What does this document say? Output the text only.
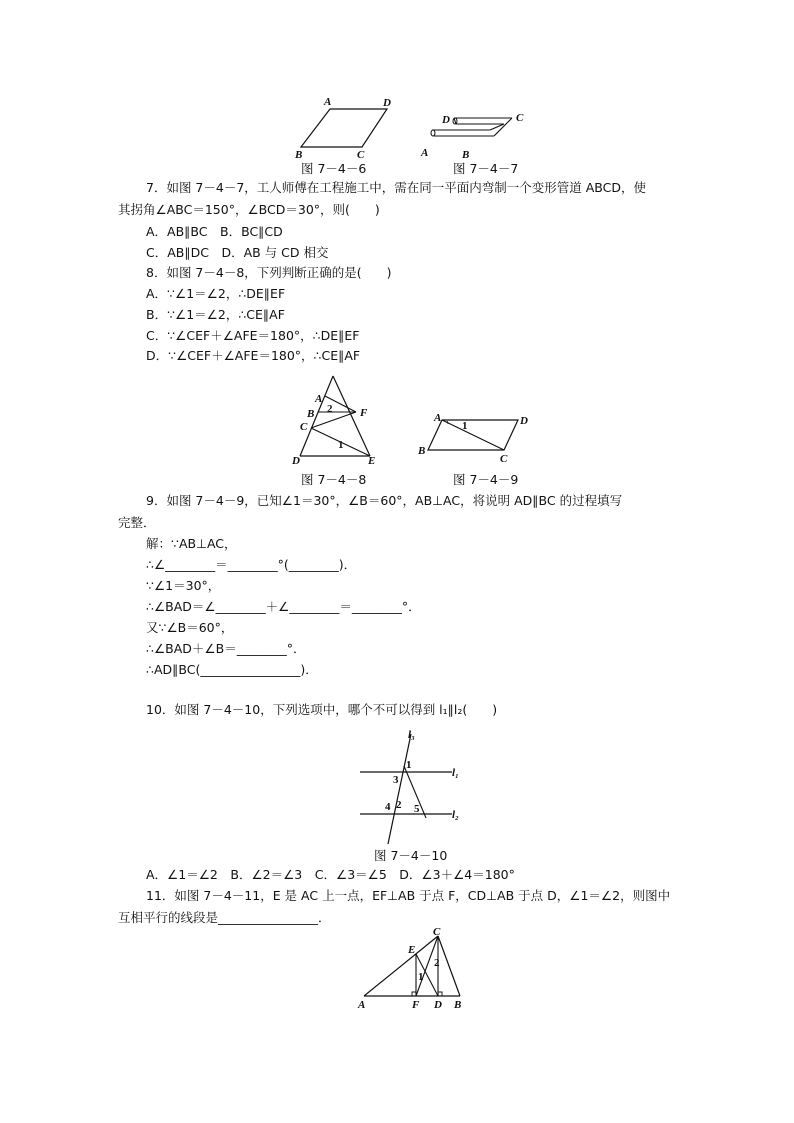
A	D
B	C
图 7－4－6
D	C
A	B
图 7－4－7
7．如图 7－4－7，工人师傅在工程施工中，需在同一平面内弯制一个变形管道 ABCD，使
其拐角∠ABC＝150°，∠BCD＝30°，则(　　)
A．AB∥BC　B．BC∥CD
C．AB∥DC　D．AB 与 CD 相交
8．如图 7－4－8，下列判断正确的是(　　)
A．∵∠1＝∠2，∴DE∥EF
B．∵∠1＝∠2，∴CE∥AF
C．∵∠CEF＋∠AFE＝180°，∴DE∥EF
D．∵∠CEF＋∠AFE＝180°，∴CE∥AF
A
B
C
D	E
F
2
1
图 7－4－8
A	D
B
C
1
图 7－4－9
9．如图 7－4－9，已知∠1＝30°，∠B＝60°，AB⊥AC，将说明 AD∥BC 的过程填写
完整．
解：∵AB⊥AC，
∴∠________＝________°(________)．
∵∠1＝30°，
∴∠BAD＝∠________＋∠________＝________°．
又∵∠B＝60°，
∴∠BAD＋∠B＝________°．
∴AD∥BC(________________)．
10．如图 7－4－10，下列选项中，哪个不可以得到 l₁∥l₂(　　)
l₃
l₁
l₂
1
3
4 2 5
图 7－4－10
A．∠1＝∠2　B．∠2＝∠3　C．∠3＝∠5　D．∠3＋∠4＝180°
11．如图 7－4－11，E 是 AC 上一点，EF⊥AB 于点 F，CD⊥AB 于点 D，∠1＝∠2，则图中
互相平行的线段是________________．
A	B
C
D
E
F
1
2
